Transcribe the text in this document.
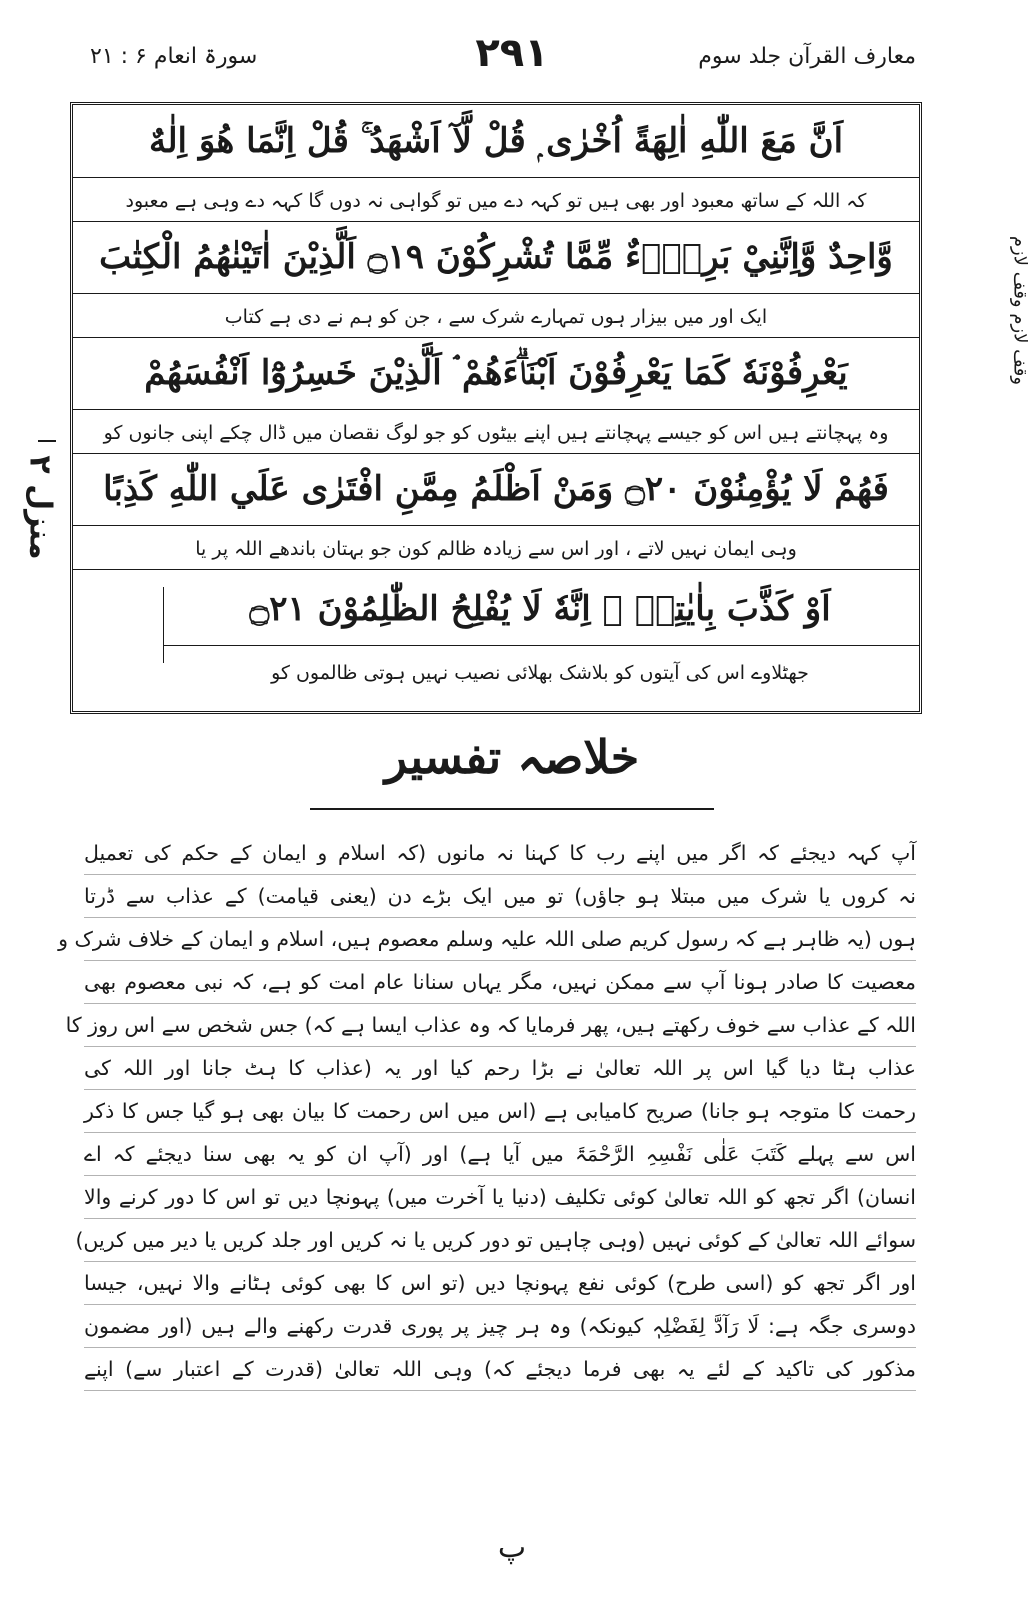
معارف القرآن جلد سوم
۲۹۱
سورۃ انعام ۶ : ۲۱
وقف لازم وقف لازم
منزل ۲
اَنَّ مَعَ اللّٰهِ اٰلِهَةً اُخْرٰى ۭ قُلْ لَّآ اَشْهَدُ ۚ قُلْ اِنَّمَا هُوَ اِلٰهٌ
کہ اللہ کے ساتھ معبود اور بھی ہیں تو کہہ دے میں تو گواہی نہ دوں گا کہہ دے وہی ہے معبود
وَّاحِدٌ وَّاِنَّنِيْ بَرِيْۗءٌ مِّمَّا تُشْرِكُوْنَ ۝۱۹ اَلَّذِيْنَ اٰتَيْنٰهُمُ الْكِتٰبَ
ایک اور میں بیزار ہوں تمہارے شرک سے ، جن کو ہم نے دی ہے کتاب
يَعْرِفُوْنَهٗ كَمَا يَعْرِفُوْنَ اَبْنَاۗءَهُمْ ۘ اَلَّذِيْنَ خَسِرُوْٓا اَنْفُسَهُمْ
وہ پہچانتے ہیں اس کو جیسے پہچانتے ہیں اپنے بیٹوں کو جو لوگ نقصان میں ڈال چکے اپنی جانوں کو
فَهُمْ لَا يُؤْمِنُوْنَ ۝۲۰ وَمَنْ اَظْلَمُ مِمَّنِ افْتَرٰى عَلَي اللّٰهِ كَذِبًا
وہی ایمان نہیں لاتے ، اور اس سے زیادہ ظالم کون جو بہتان باندھے اللہ پر یا
اَوْ كَذَّبَ بِاٰيٰتِهٖ ۭ اِنَّهٗ لَا يُفْلِحُ الظّٰلِمُوْنَ ۝۲۱
جھٹلاوے اس کی آیتوں کو بلاشک بھلائی نصیب نہیں ہوتی ظالموں کو
خلاصہ تفسیر
آپ کہہ دیجئے کہ اگر میں اپنے رب کا کہنا نہ مانوں (کہ اسلام و ایمان کے حکم کی تعمیل
نہ کروں یا شرک میں مبتلا ہو جاؤں) تو میں ایک بڑے دن (یعنی قیامت) کے عذاب سے ڈرتا
ہوں (یہ ظاہر ہے کہ رسول کریم صلی اللہ علیہ وسلم معصوم ہیں، اسلام و ایمان کے خلاف شرک و
معصیت کا صادر ہونا آپ سے ممکن نہیں، مگر یہاں سنانا عام امت کو ہے، کہ نبی معصوم بھی
اللہ کے عذاب سے خوف رکھتے ہیں، پھر فرمایا کہ وہ عذاب ایسا ہے کہ) جس شخص سے اس روز کا
عذاب ہٹا دیا گیا اس پر اللہ تعالیٰ نے بڑا رحم کیا اور یہ (عذاب کا ہٹ جانا اور اللہ کی
رحمت کا متوجہ ہو جانا) صریح کامیابی ہے (اس میں اس رحمت کا بیان بھی ہو گیا جس کا ذکر
اس سے پہلے کَتَبَ عَلٰی نَفْسِہِ الرَّحْمَۃَ میں آیا ہے) اور (آپ ان کو یہ بھی سنا دیجئے کہ اے
انسان) اگر تجھ کو اللہ تعالیٰ کوئی تکلیف (دنیا یا آخرت میں) پہونچا دیں تو اس کا دور کرنے والا
سوائے اللہ تعالیٰ کے کوئی نہیں (وہی چاہیں تو دور کریں یا نہ کریں اور جلد کریں یا دیر میں کریں)
اور اگر تجھ کو (اسی طرح) کوئی نفع پہونچا دیں (تو اس کا بھی کوئی ہٹانے والا نہیں، جیسا
دوسری جگہ ہے: لَا رَآدَّ لِفَضْلِہٖ کیونکہ) وہ ہر چیز پر پوری قدرت رکھنے والے ہیں (اور مضمون
مذکور کی تاکید کے لئے یہ بھی فرما دیجئے کہ) وہی اللہ تعالیٰ (قدرت کے اعتبار سے) اپنے
پ
